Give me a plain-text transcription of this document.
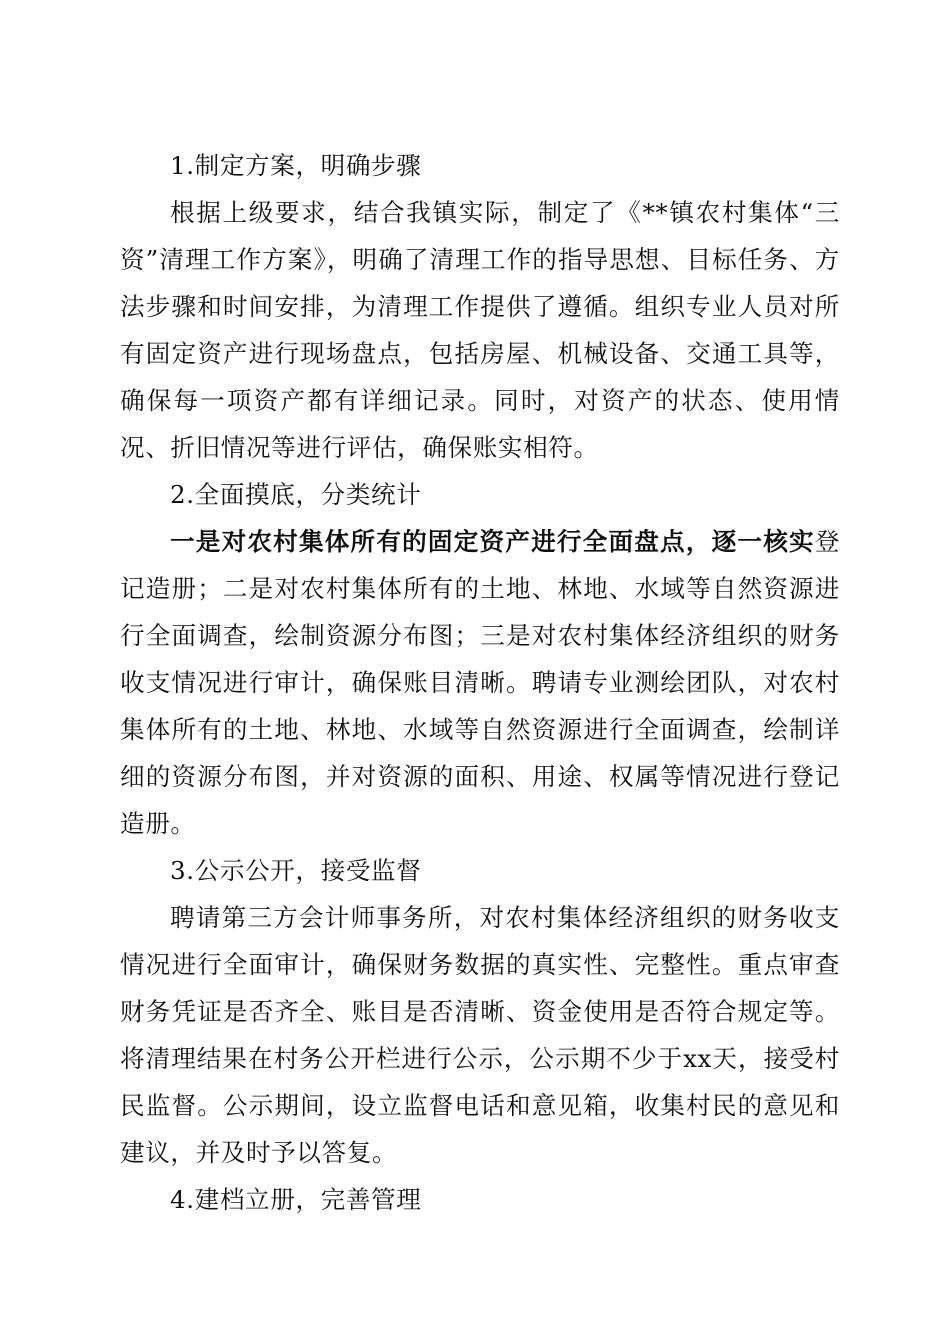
1.制定方案，明确步骤

根据上级要求，结合我镇实际，制定了《**镇农村集体“三资”清理工作方案》，明确了清理工作的指导思想、目标任务、方法步骤和时间安排，为清理工作提供了遵循。组织专业人员对所有固定资产进行现场盘点，包括房屋、机械设备、交通工具等，确保每一项资产都有详细记录。同时，对资产的状态、使用情况、折旧情况等进行评估，确保账实相符。

2.全面摸底，分类统计

一是对农村集体所有的固定资产进行全面盘点，逐一核实登记造册；二是对农村集体所有的土地、林地、水域等自然资源进行全面调查，绘制资源分布图；三是对农村集体经济组织的财务收支情况进行审计，确保账目清晰。聘请专业测绘团队，对农村集体所有的土地、林地、水域等自然资源进行全面调查，绘制详细的资源分布图，并对资源的面积、用途、权属等情况进行登记造册。

3.公示公开，接受监督

聘请第三方会计师事务所，对农村集体经济组织的财务收支情况进行全面审计，确保财务数据的真实性、完整性。重点审查财务凭证是否齐全、账目是否清晰、资金使用是否符合规定等。将清理结果在村务公开栏进行公示，公示期不少于xx天，接受村民监督。公示期间，设立监督电话和意见箱，收集村民的意见和建议，并及时予以答复。

4.建档立册，完善管理
